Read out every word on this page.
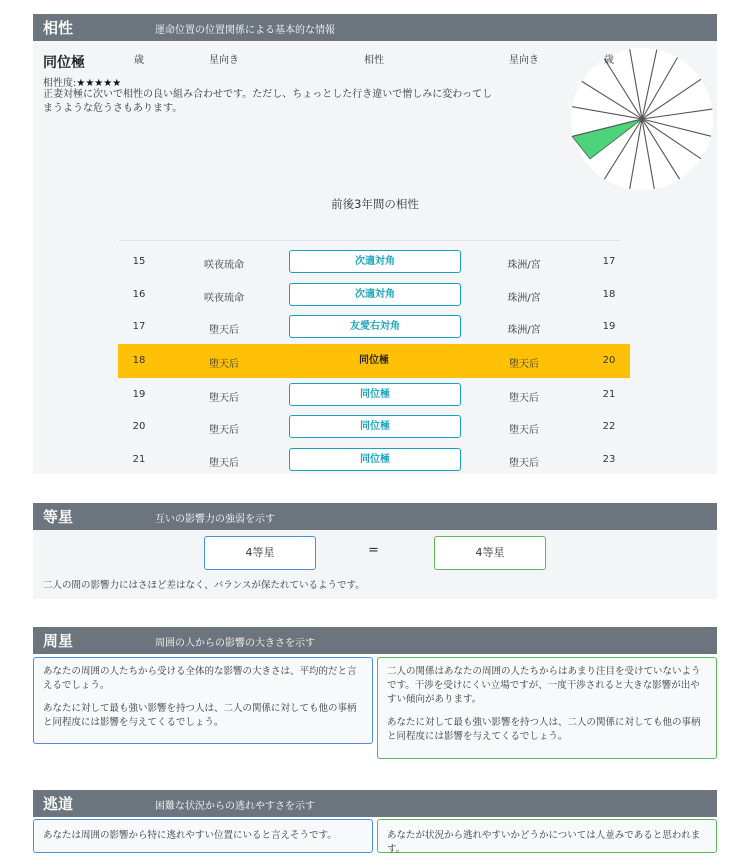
相性	運命位置の位置関係による基本的な情報
同位極
相性度:★★★★★
正妻対極に次いで相性の良い組み合わせです。ただし、ちょっとした行き違いで憎しみに変わってしまうような危うさもあります。
前後3年間の相性
歳	星向き	相性	星向き	歳
15	咲夜琉命	次適対角	珠洲/宮	17
16	咲夜琉命	次適対角	珠洲/宮	18
17	堕天后	友愛右対角	珠洲/宮	19
18	堕天后	同位極	堕天后	20
19	堕天后	同位極	堕天后	21
20	堕天后	同位極	堕天后	22
21	堕天后	同位極	堕天后	23
等星	互いの影響力の強弱を示す
4等星	=	4等星
二人の間の影響力にはさほど差はなく、バランスが保たれているようです。
周星	周囲の人からの影響の大きさを示す

あなたの周囲の人たちから受ける全体的な影響の大きさは、平均的だと言えるでしょう。

あなたに対して最も強い影響を持つ人は、二人の関係に対しても他の事柄と同程度には影響を与えてくるでしょう。

二人の関係はあなたの周囲の人たちからはあまり注目を受けていないようです。干渉を受けにくい立場ですが、一度干渉されると大きな影響が出やすい傾向があります。

あなたに対して最も強い影響を持つ人は、二人の関係に対しても他の事柄と同程度には影響を与えてくるでしょう。

逃道	困難な状況からの逃れやすさを示す
あなたは周囲の影響から特に逃れやすい位置にいると言えそうです。	あなたが状況から逃れやすいかどうかについては人並みであると思われます。
